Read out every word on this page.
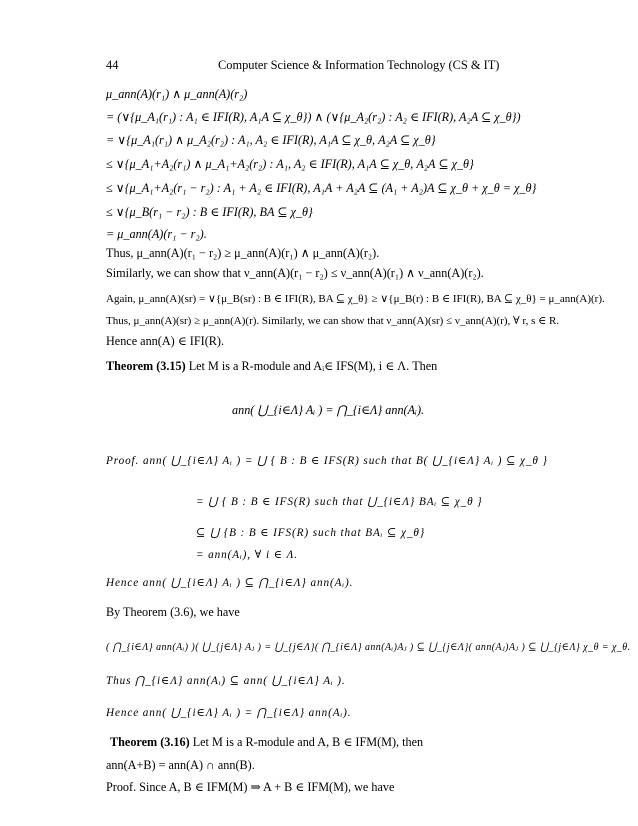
44	Computer Science & Information Technology (CS & IT)
μ_ann(A)(r₁) ∧ μ_ann(A)(r₂)
= (∨{μ_A₁(r₁) : A₁ ∈ IFI(R), A₁A ⊆ χ_θ}) ∧ (∨{μ_A₂(r₂) : A₂ ∈ IFI(R), A₂A ⊆ χ_θ})
= ∨{μ_A₁(r₁) ∧ μ_A₂(r₂) : A₁, A₂ ∈ IFI(R), A₁A ⊆ χ_θ, A₂A ⊆ χ_θ}
≤ ∨{μ_A₁+A₂(r₁) ∧ μ_A₁+A₂(r₂) : A₁, A₂ ∈ IFI(R), A₁A ⊆ χ_θ, A₂A ⊆ χ_θ}
≤ ∨{μ_A₁+A₂(r₁ − r₂) : A₁ + A₂ ∈ IFI(R), A₁A + A₂A ⊆ (A₁ + A₂)A ⊆ χ_θ + χ_θ = χ_θ}
≤ ∨{μ_B(r₁ − r₂) : B ∈ IFI(R), BA ⊆ χ_θ}
= μ_ann(A)(r₁ − r₂).
Thus, μ_ann(A)(r₁ − r₂) ≥ μ_ann(A)(r₁) ∧ μ_ann(A)(r₂).
Similarly, we can show that ν_ann(A)(r₁ − r₂) ≤ ν_ann(A)(r₁) ∧ ν_ann(A)(r₂).
Again, μ_ann(A)(sr) = ∨{μ_B(sr) : B ∈ IFI(R), BA ⊆ χ_θ} ≥ ∨{μ_B(r) : B ∈ IFI(R), BA ⊆ χ_θ} = μ_ann(A)(r).
Thus, μ_ann(A)(sr) ≥ μ_ann(A)(r). Similarly, we can show that ν_ann(A)(sr) ≤ ν_ann(A)(r), ∀ r, s ∈ R.
Hence ann(A) ∈ IFI(R).
Theorem (3.15) Let M is a R-module and Aᵢ∈ IFS(M), i ∈ Λ. Then
ann( ⋃_{i∈Λ} Aᵢ ) = ⋂_{i∈Λ} ann(Aᵢ).
Proof. ann( ⋃_{i∈Λ} Aᵢ ) = ⋃ { B : B ∈ IFS(R) such that B( ⋃_{i∈Λ} Aᵢ ) ⊆ χ_θ }
= ⋃ { B : B ∈ IFS(R) such that ⋃_{i∈Λ} BAᵢ ⊆ χ_θ }
⊆ ⋃ {B : B ∈ IFS(R) such that BAᵢ ⊆ χ_θ}
= ann(Aᵢ), ∀ i ∈ Λ.
Hence ann( ⋃_{i∈Λ} Aᵢ ) ⊆ ⋂_{i∈Λ} ann(Aᵢ).
By Theorem (3.6), we have
( ⋂_{i∈Λ} ann(Aᵢ) )( ⋃_{j∈Λ} Aⱼ ) = ⋃_{j∈Λ}( ⋂_{i∈Λ} ann(Aᵢ)Aⱼ ) ⊆ ⋃_{j∈Λ}( ann(Aⱼ)Aⱼ ) ⊆ ⋃_{j∈Λ} χ_θ = χ_θ.
Thus ⋂_{i∈Λ} ann(Aᵢ) ⊆ ann( ⋃_{i∈Λ} Aᵢ ).
Hence ann( ⋃_{i∈Λ} Aᵢ ) = ⋂_{i∈Λ} ann(Aᵢ).
Theorem (3.16) Let M is a R-module and A, B ∈ IFM(M), then
ann(A+B) = ann(A) ∩ ann(B).
Proof. Since A, B ∈ IFM(M) ⇒ A + B ∈ IFM(M), we have
